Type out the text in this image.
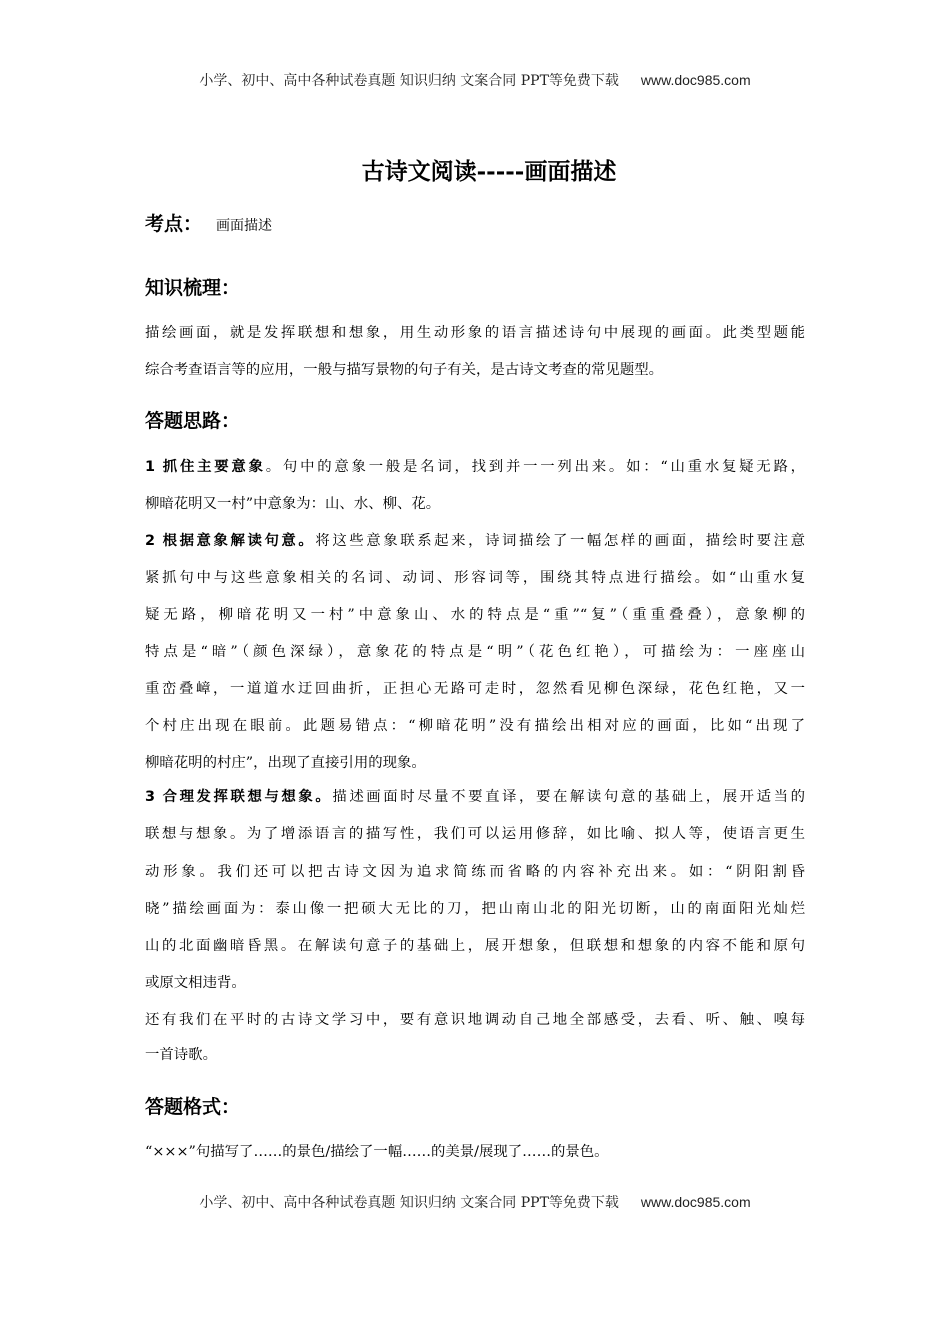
小学、初中、高中各种试卷真题 知识归纳 文案合同 PPT等免费下载 www.doc985.com
古诗文阅读-----画面描述
考点： 画面描述
知识梳理：
描绘画面，就是发挥联想和想象，用生动形象的语言描述诗句中展现的画面。此类型题能
综合考查语言等的应用，一般与描写景物的句子有关，是古诗文考查的常见题型。
答题思路：
1 抓住主要意象。句中的意象一般是名词，找到并一一列出来。如：“山重水复疑无路，
柳暗花明又一村”中意象为：山、水、柳、花。
2 根据意象解读句意。将这些意象联系起来，诗词描绘了一幅怎样的画面，描绘时要注意
紧抓句中与这些意象相关的名词、动词、形容词等，围绕其特点进行描绘。如“山重水复
疑无路，柳暗花明又一村”中意象山、水的特点是“重”“复”（重重叠叠），意象柳的
特点是“暗”（颜色深绿），意象花的特点是“明”（花色红艳），可描绘为：一座座山
重峦叠嶂，一道道水迂回曲折，正担心无路可走时，忽然看见柳色深绿，花色红艳，又一
个村庄出现在眼前。此题易错点：“柳暗花明”没有描绘出相对应的画面，比如“出现了
柳暗花明的村庄”，出现了直接引用的现象。
3 合理发挥联想与想象。描述画面时尽量不要直译，要在解读句意的基础上，展开适当的
联想与想象。为了增添语言的描写性，我们可以运用修辞，如比喻、拟人等，使语言更生
动形象。我们还可以把古诗文因为追求简练而省略的内容补充出来。如：“阴阳割昏
晓”描绘画面为：泰山像一把硕大无比的刀，把山南山北的阳光切断，山的南面阳光灿烂
山的北面幽暗昏黑。在解读句意子的基础上，展开想象，但联想和想象的内容不能和原句
或原文相违背。
还有我们在平时的古诗文学习中，要有意识地调动自己地全部感受，去看、听、触、嗅每
一首诗歌。
答题格式：
“×××”句描写了……的景色/描绘了一幅……的美景/展现了……的景色。
小学、初中、高中各种试卷真题 知识归纳 文案合同 PPT等免费下载 www.doc985.com
